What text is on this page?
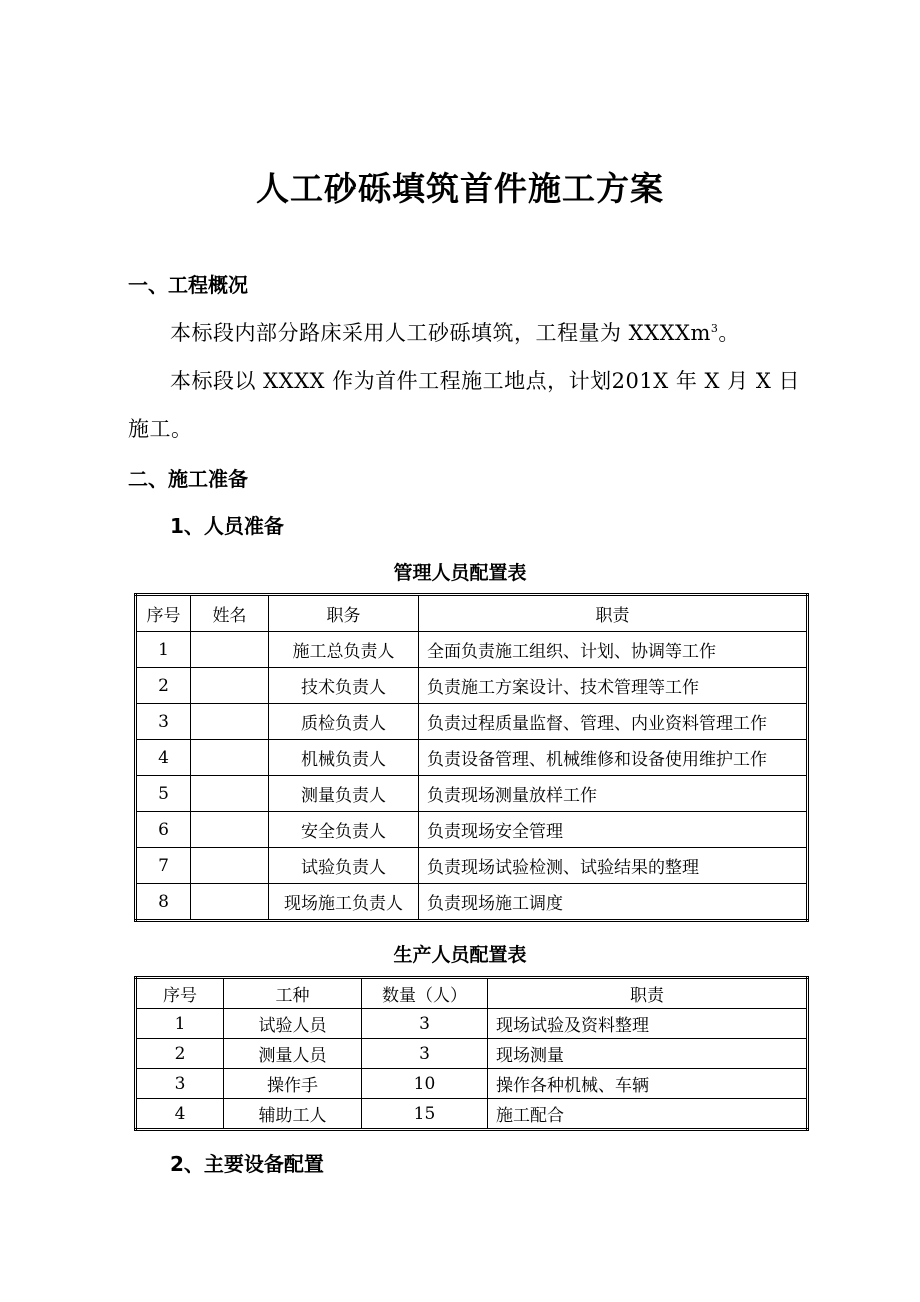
人工砂砾填筑首件施工方案
一、工程概况
本标段内部分路床采用人工砂砾填筑，工程量为 XXXXm$^3$。
本标段以 XXXX 作为首件工程施工地点，计划201X 年 X 月 X 日
施工。
二、施工准备
1、人员准备
管理人员配置表
序号	姓名	职务	职责
1		施工总负责人	全面负责施工组织、计划、协调等工作
2		技术负责人	负责施工方案设计、技术管理等工作
3		质检负责人	负责过程质量监督、管理、内业资料管理工作
4		机械负责人	负责设备管理、机械维修和设备使用维护工作
5		测量负责人	负责现场测量放样工作
6		安全负责人	负责现场安全管理
7		试验负责人	负责现场试验检测、试验结果的整理
8		现场施工负责人	负责现场施工调度
生产人员配置表
序号	工种	数量（人）	职责
1	试验人员	3	现场试验及资料整理
2	测量人员	3	现场测量
3	操作手	10	操作各种机械、车辆
4	辅助工人	15	施工配合
2、主要设备配置
